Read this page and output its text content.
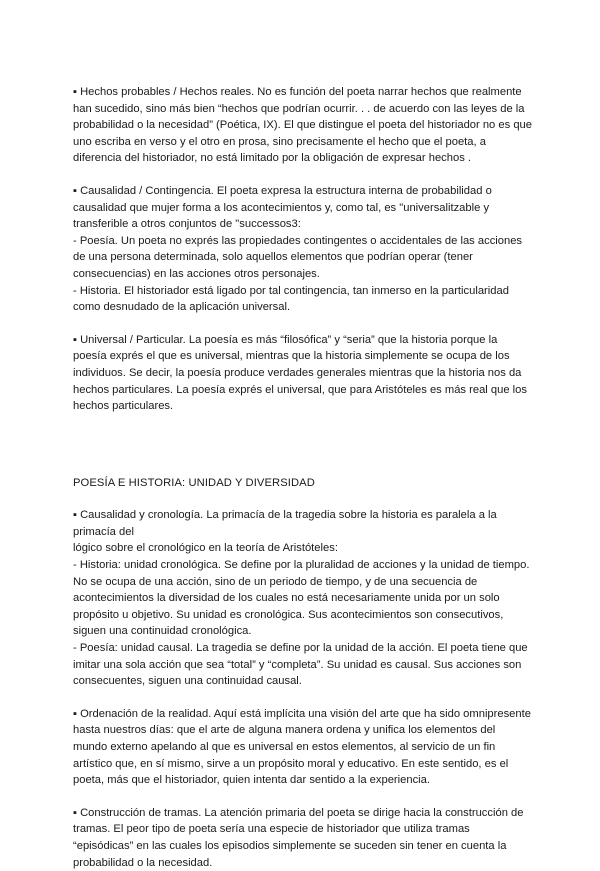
▪ Hechos probables / Hechos reales. No es función del poeta narrar hechos que realmente
han sucedido, sino más bien “hechos que podrían ocurrir. . . de acuerdo con las leyes de la
probabilidad o la necesidad” (Poética, IX). El que distingue el poeta del historiador no es que
uno escriba en verso y el otro en prosa, sino precisamente el hecho que el poeta, a
diferencia del historiador, no está limitado por la obligación de expresar hechos .

▪ Causalidad / Contingencia. El poeta expresa la estructura interna de probabilidad o
causalidad que mujer forma a los acontecimientos y, como tal, es "universalitzable y
transferible a otros conjuntos de "successos3:
- Poesía. Un poeta no exprés las propiedades contingentes o accidentales de las acciones
de una persona determinada, solo aquellos elementos que podrían operar (tener
consecuencias) en las acciones otros personajes.
- Historia. El historiador está ligado por tal contingencia, tan inmerso en la particularidad
como desnudado de la aplicación universal.

▪ Universal / Particular. La poesía es más “filosófica” y “seria” que la historia porque la
poesía exprés el que es universal, mientras que la historia simplemente se ocupa de los
individuos. Se decir, la poesía produce verdades generales mientras que la historia nos da
hechos particulares. La poesía exprés el universal, que para Aristóteles es más real que los
hechos particulares.

POESÍA E HISTORIA: UNIDAD Y DIVERSIDAD

▪ Causalidad y cronología. La primacía de la tragedia sobre la historia es paralela a la
primacía del
lógico sobre el cronológico en la teoría de Aristóteles:
- Historia: unidad cronológica. Se define por la pluralidad de acciones y la unidad de tiempo.
No se ocupa de una acción, sino de un periodo de tiempo, y de una secuencia de
acontecimientos la diversidad de los cuales no está necesariamente unida por un solo
propósito u objetivo. Su unidad es cronológica. Sus acontecimientos son consecutivos,
siguen una continuidad cronológica.
- Poesía: unidad causal. La tragedia se define por la unidad de la acción. El poeta tiene que
imitar una sola acción que sea “total” y “completa”. Su unidad es causal. Sus acciones son
consecuentes, siguen una continuidad causal.

▪ Ordenación de la realidad. Aquí está implícita una visión del arte que ha sido omnipresente
hasta nuestros días: que el arte de alguna manera ordena y unifica los elementos del
mundo externo apelando al que es universal en estos elementos, al servicio de un fin
artístico que, en sí mismo, sirve a un propósito moral y educativo. En este sentido, es el
poeta, más que el historiador, quien intenta dar sentido a la experiencia.

▪ Construcción de tramas. La atención primaria del poeta se dirige hacia la construcción de
tramas. El peor tipo de poeta sería una especie de historiador que utiliza tramas
“episódicas” en las cuales los episodios simplemente se suceden sin tener en cuenta la
probabilidad o la necesidad.
